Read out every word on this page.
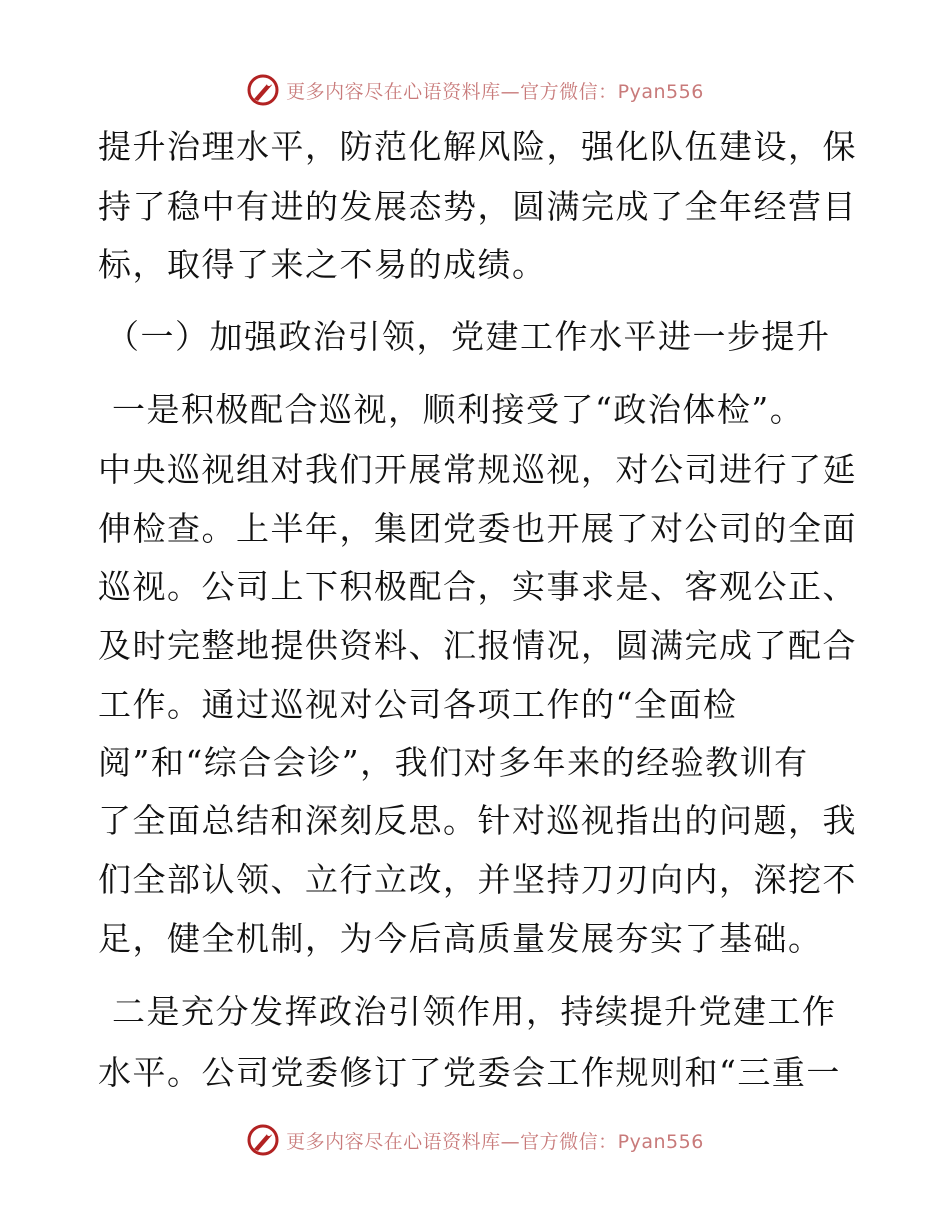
更多内容尽在心语资料库—官方微信：Pyan556
提升治理水平，防范化解风险，强化队伍建设，保
持了稳中有进的发展态势，圆满完成了全年经营目
标，取得了来之不易的成绩。
（一）加强政治引领，党建工作水平进一步提升
一是积极配合巡视，顺利接受了“政治体检”。
中央巡视组对我们开展常规巡视，对公司进行了延
伸检查。上半年，集团党委也开展了对公司的全面
巡视。公司上下积极配合，实事求是、客观公正、
及时完整地提供资料、汇报情况，圆满完成了配合
工作。通过巡视对公司各项工作的“全面检
阅”和“综合会诊”，我们对多年来的经验教训有
了全面总结和深刻反思。针对巡视指出的问题，我
们全部认领、立行立改，并坚持刀刃向内，深挖不
足，健全机制，为今后高质量发展夯实了基础。
二是充分发挥政治引领作用，持续提升党建工作
水平。公司党委修订了党委会工作规则和“三重一
更多内容尽在心语资料库—官方微信：Pyan556
